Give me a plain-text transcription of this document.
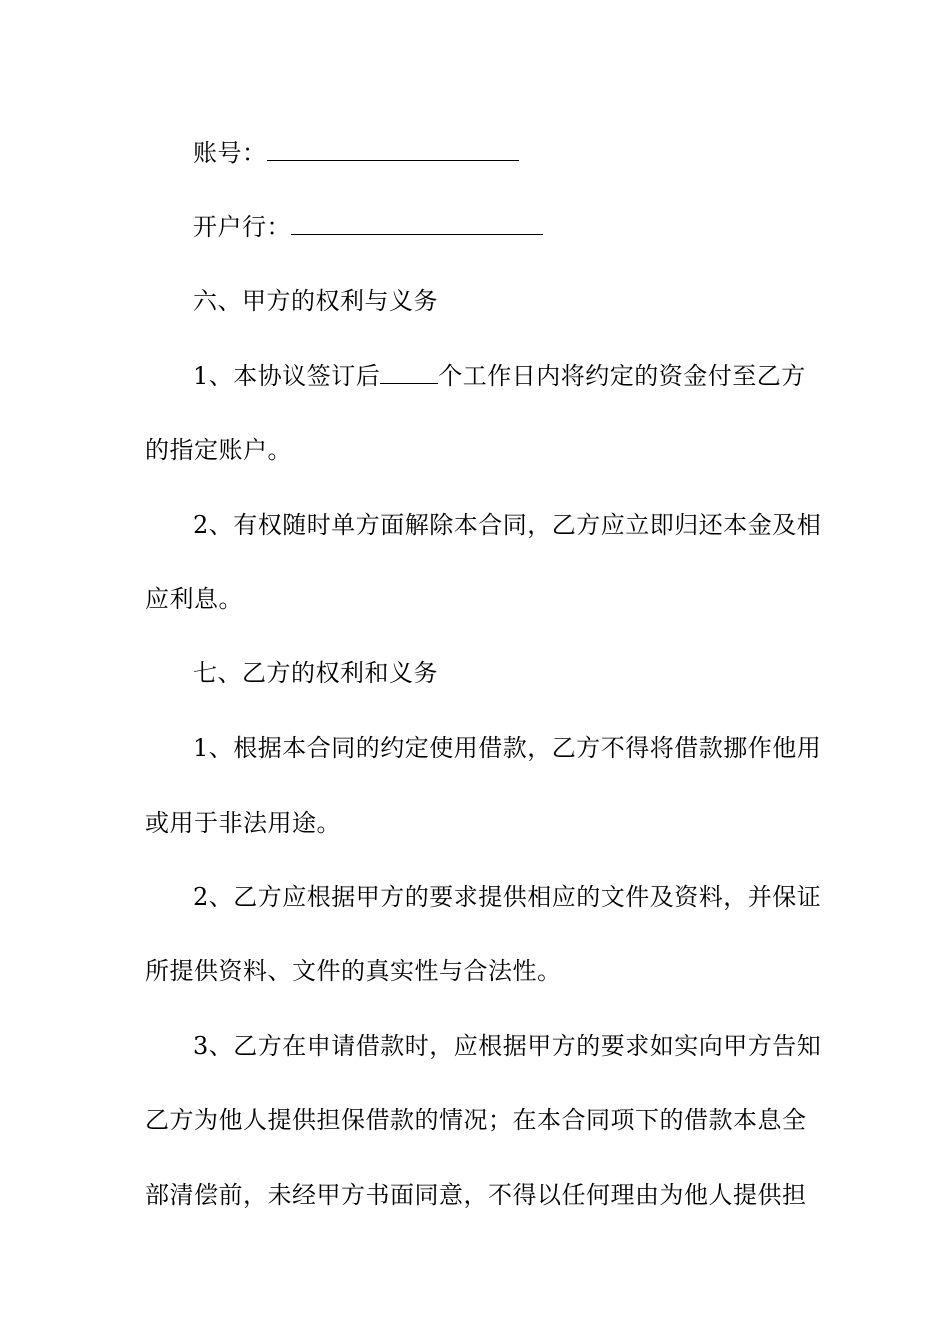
账号：
开户行：
六、甲方的权利与义务
1、本协议签订后 个工作日内将约定的资金付至乙方
的指定账户。
2、有权随时单方面解除本合同，乙方应立即归还本金及相
应利息。
七、乙方的权利和义务
1、根据本合同的约定使用借款，乙方不得将借款挪作他用
或用于非法用途。
2、乙方应根据甲方的要求提供相应的文件及资料，并保证
所提供资料、文件的真实性与合法性。
3、乙方在申请借款时，应根据甲方的要求如实向甲方告知
乙方为他人提供担保借款的情况；在本合同项下的借款本息全
部清偿前，未经甲方书面同意，不得以任何理由为他人提供担
